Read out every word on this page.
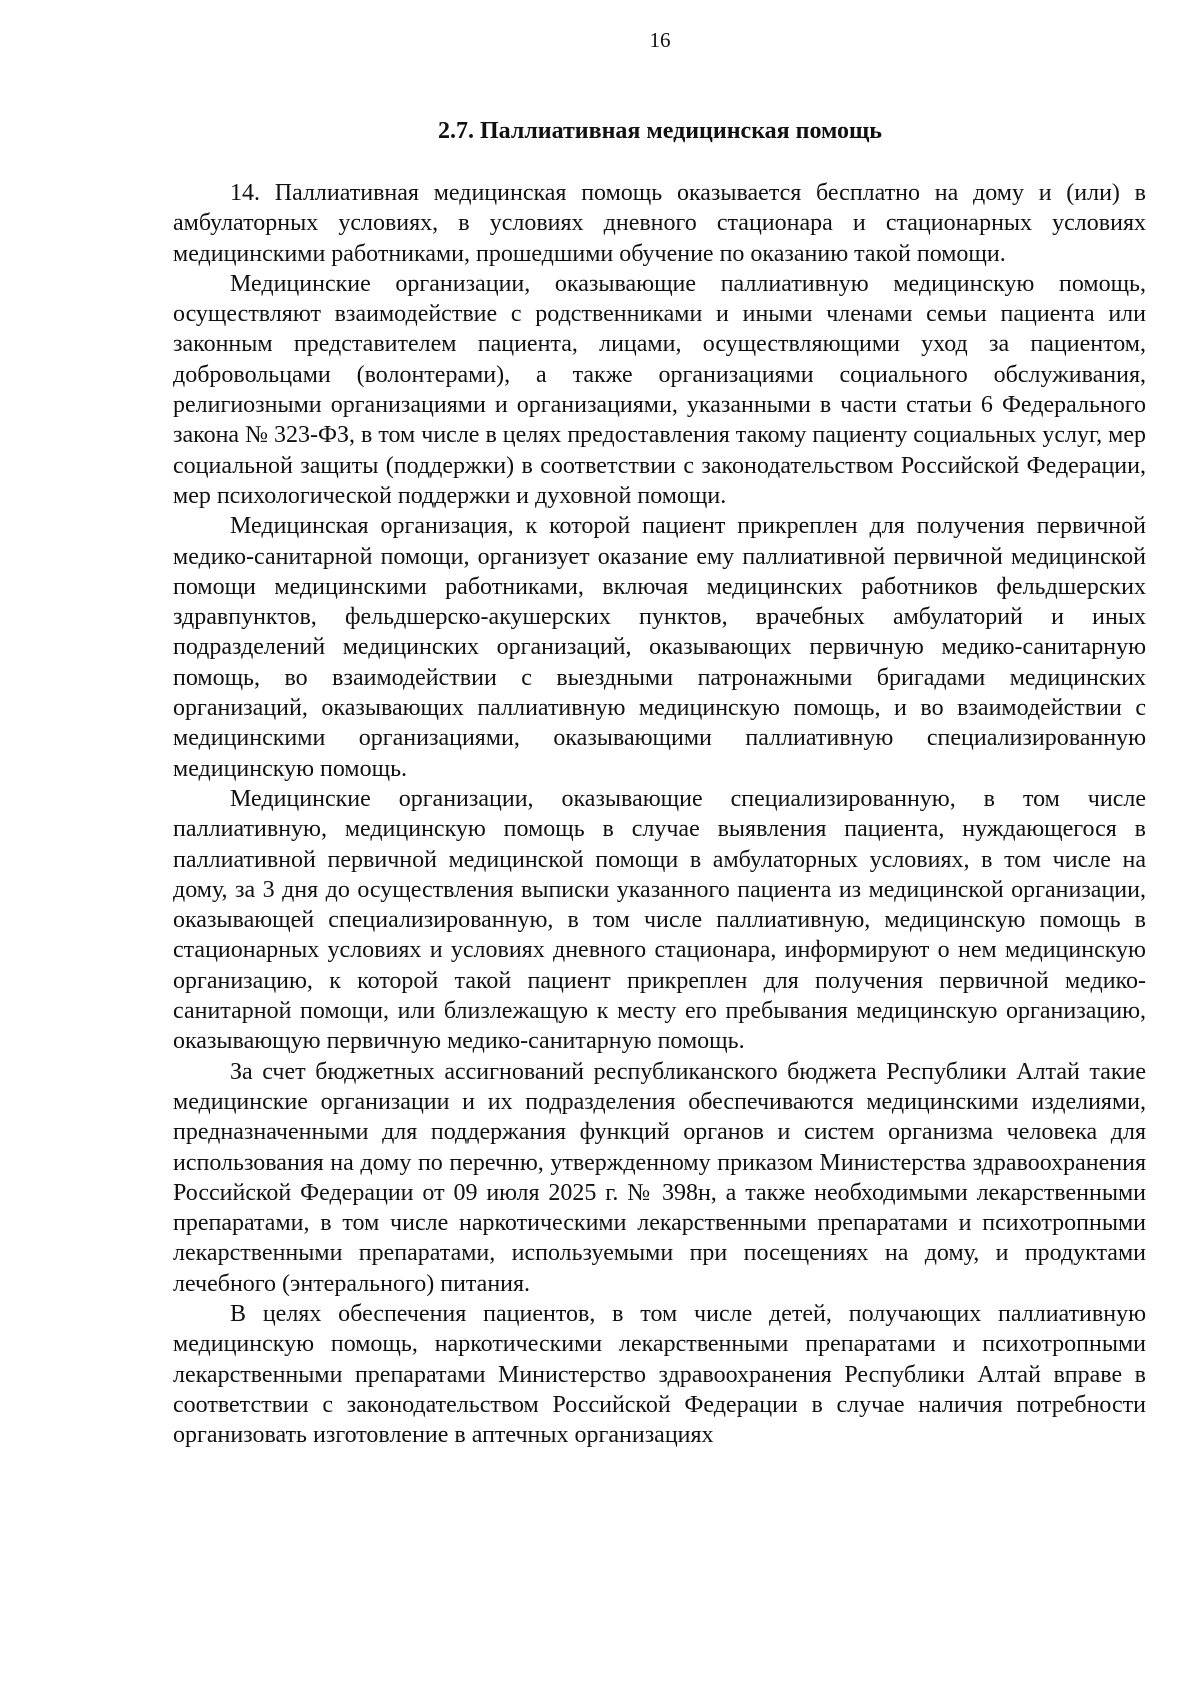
16
2.7. Паллиативная медицинская помощь

14. Паллиативная медицинская помощь оказывается бесплатно на дому и (или) в амбулаторных условиях, в условиях дневного стационара и стационарных условиях медицинскими работниками, прошедшими обучение по оказанию такой помощи.

Медицинские организации, оказывающие паллиативную медицинскую помощь, осуществляют взаимодействие с родственниками и иными членами семьи пациента или законным представителем пациента, лицами, осуществляющими уход за пациентом, добровольцами (волонтерами), а также организациями социального обслуживания, религиозными организациями и организациями, указанными в части статьи 6 Федерального закона № 323-ФЗ, в том числе в целях предоставления такому пациенту социальных услуг, мер социальной защиты (поддержки) в соответствии с законодательством Российской Федерации, мер психологической поддержки и духовной помощи.

Медицинская организация, к которой пациент прикреплен для получения первичной медико-санитарной помощи, организует оказание ему паллиативной первичной медицинской помощи медицинскими работниками, включая медицинских работников фельдшерских здравпунктов, фельдшерско-акушерских пунктов, врачебных амбулаторий и иных подразделений медицинских организаций, оказывающих первичную медико-санитарную помощь, во взаимодействии с выездными патронажными бригадами медицинских организаций, оказывающих паллиативную медицинскую помощь, и во взаимодействии с медицинскими организациями, оказывающими паллиативную специализированную медицинскую помощь.

Медицинские организации, оказывающие специализированную, в том числе паллиативную, медицинскую помощь в случае выявления пациента, нуждающегося в паллиативной первичной медицинской помощи в амбулаторных условиях, в том числе на дому, за 3 дня до осуществления выписки указанного пациента из медицинской организации, оказывающей специализированную, в том числе паллиативную, медицинскую помощь в стационарных условиях и условиях дневного стационара, информируют о нем медицинскую организацию, к которой такой пациент прикреплен для получения первичной медико-санитарной помощи, или близлежащую к месту его пребывания медицинскую организацию, оказывающую первичную медико-санитарную помощь.

За счет бюджетных ассигнований республиканского бюджета Республики Алтай такие медицинские организации и их подразделения обеспечиваются медицинскими изделиями, предназначенными для поддержания функций органов и систем организма человека для использования на дому по перечню, утвержденному приказом Министерства здравоохранения Российской Федерации от 09 июля 2025 г. № 398н, а также необходимыми лекарственными препаратами, в том числе наркотическими лекарственными препаратами и психотропными лекарственными препаратами, используемыми при посещениях на дому, и продуктами лечебного (энтерального) питания.

В целях обеспечения пациентов, в том числе детей, получающих паллиативную медицинскую помощь, наркотическими лекарственными препаратами и психотропными лекарственными препаратами Министерство здравоохранения Республики Алтай вправе в соответствии с законодательством Российской Федерации в случае наличия потребности организовать изготовление в аптечных организациях
